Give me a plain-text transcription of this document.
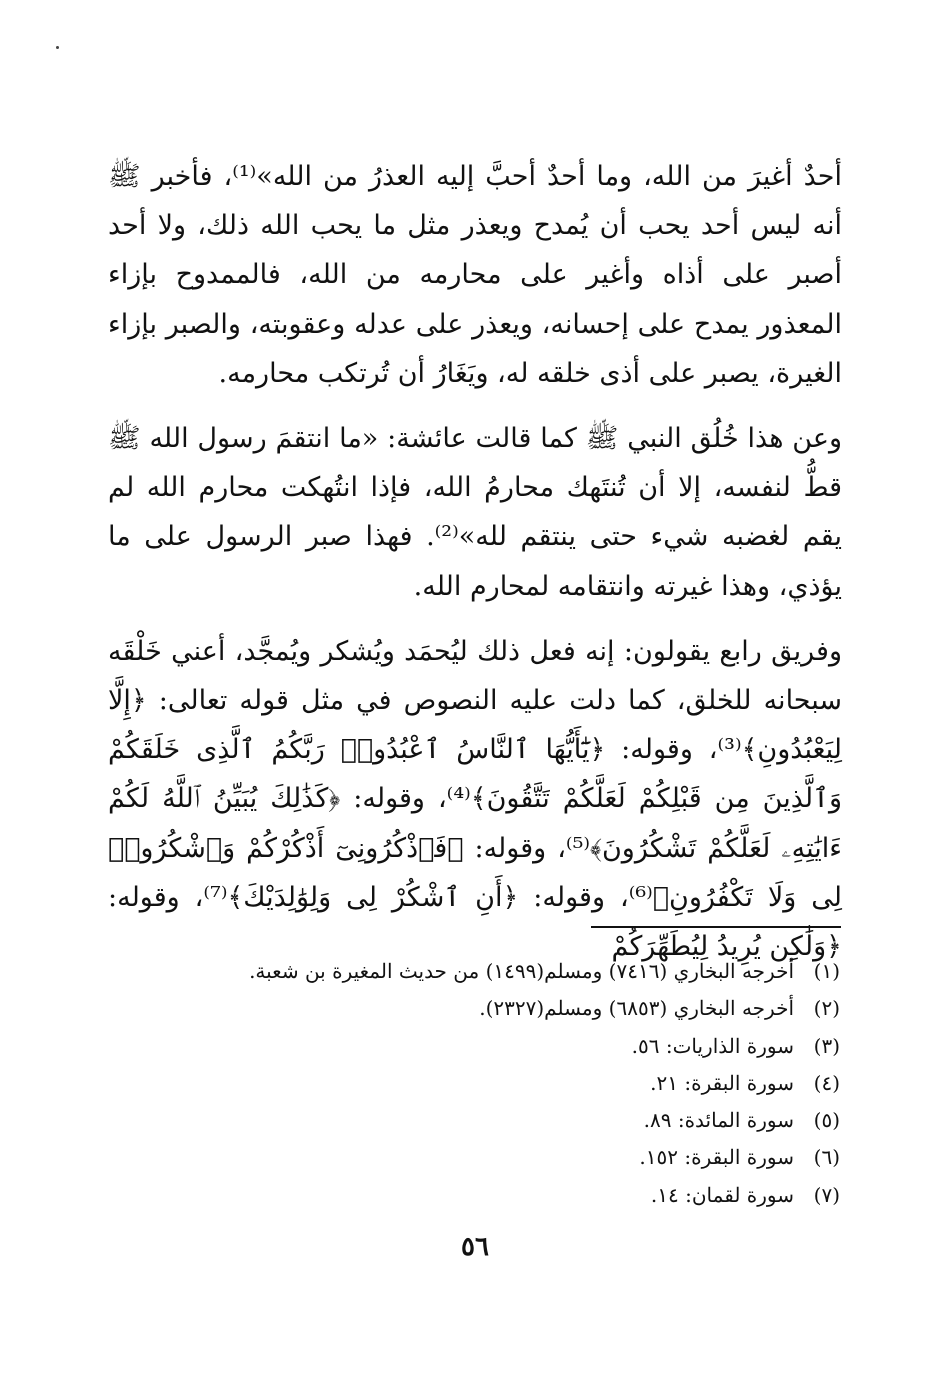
أحدٌ أغيرَ من الله، وما أحدٌ أحبَّ إليه العذرُ من الله»⁽¹⁾، فأخبر ﷺ أنه ليس أحد يحب أن يُمدح ويعذر مثل ما يحب الله ذلك، ولا أحد أصبر على أذاه وأغير على محارمه من الله، فالممدوح بإزاء المعذور يمدح على إحسانه، ويعذر على عدله وعقوبته، والصبر بإزاء الغيرة، يصبر على أذى خلقه له، ويَغَارُ أن تُرتكب محارمه.

وعن هذا خُلُق النبي ﷺ كما قالت عائشة: «ما انتقمَ رسول الله ﷺ قطُّ لنفسه، إلا أن تُنتَهك محارمُ الله، فإذا انتُهكت محارم الله لم يقم لغضبه شيء حتى ينتقم لله»⁽²⁾. فهذا صبر الرسول على ما يؤذي، وهذا غيرته وانتقامه لمحارم الله.

وفريق رابع يقولون: إنه فعل ذلك ليُحمَد ويُشكر ويُمجَّد، أعني خَلْقَه سبحانه للخلق، كما دلت عليه النصوص في مثل قوله تعالى: ﴿إِلَّا لِيَعْبُدُونِ﴾⁽³⁾، وقوله: ﴿يَٰٓأَيُّهَا ٱلنَّاسُ ٱعْبُدُوا۟ رَبَّكُمُ ٱلَّذِى خَلَقَكُمْ وَٱلَّذِينَ مِن قَبْلِكُمْ لَعَلَّكُمْ تَتَّقُونَ﴾⁽⁴⁾، وقوله: ﴿كَذَٰلِكَ يُبَيِّنُ ٱللَّهُ لَكُمْ ءَايَٰتِهِۦ لَعَلَّكُمْ تَشْكُرُونَ﴾⁽⁵⁾، وقوله: ﴿فَٱذْكُرُونِىٓ أَذْكُرْكُمْ وَٱشْكُرُوا۟ لِى وَلَا تَكْفُرُونِ﴾⁽⁶⁾، وقوله: ﴿أَنِ ٱشْكُرْ لِى وَلِوَٰلِدَيْكَ﴾⁽⁷⁾، وقوله: ﴿وَلَٰكِن يُرِيدُ لِيُطَهِّرَكُمْ

(١)أخرجه البخاري (٧٤١٦) ومسلم(١٤٩٩) من حديث المغيرة بن شعبة.
(٢)أخرجه البخاري (٦٨٥٣) ومسلم(٢٣٢٧).
(٣)سورة الذاريات: ٥٦.
(٤)سورة البقرة: ٢١.
(٥)سورة المائدة: ٨٩.
(٦)سورة البقرة: ١٥٢.
(٧)سورة لقمان: ١٤.
٥٦
